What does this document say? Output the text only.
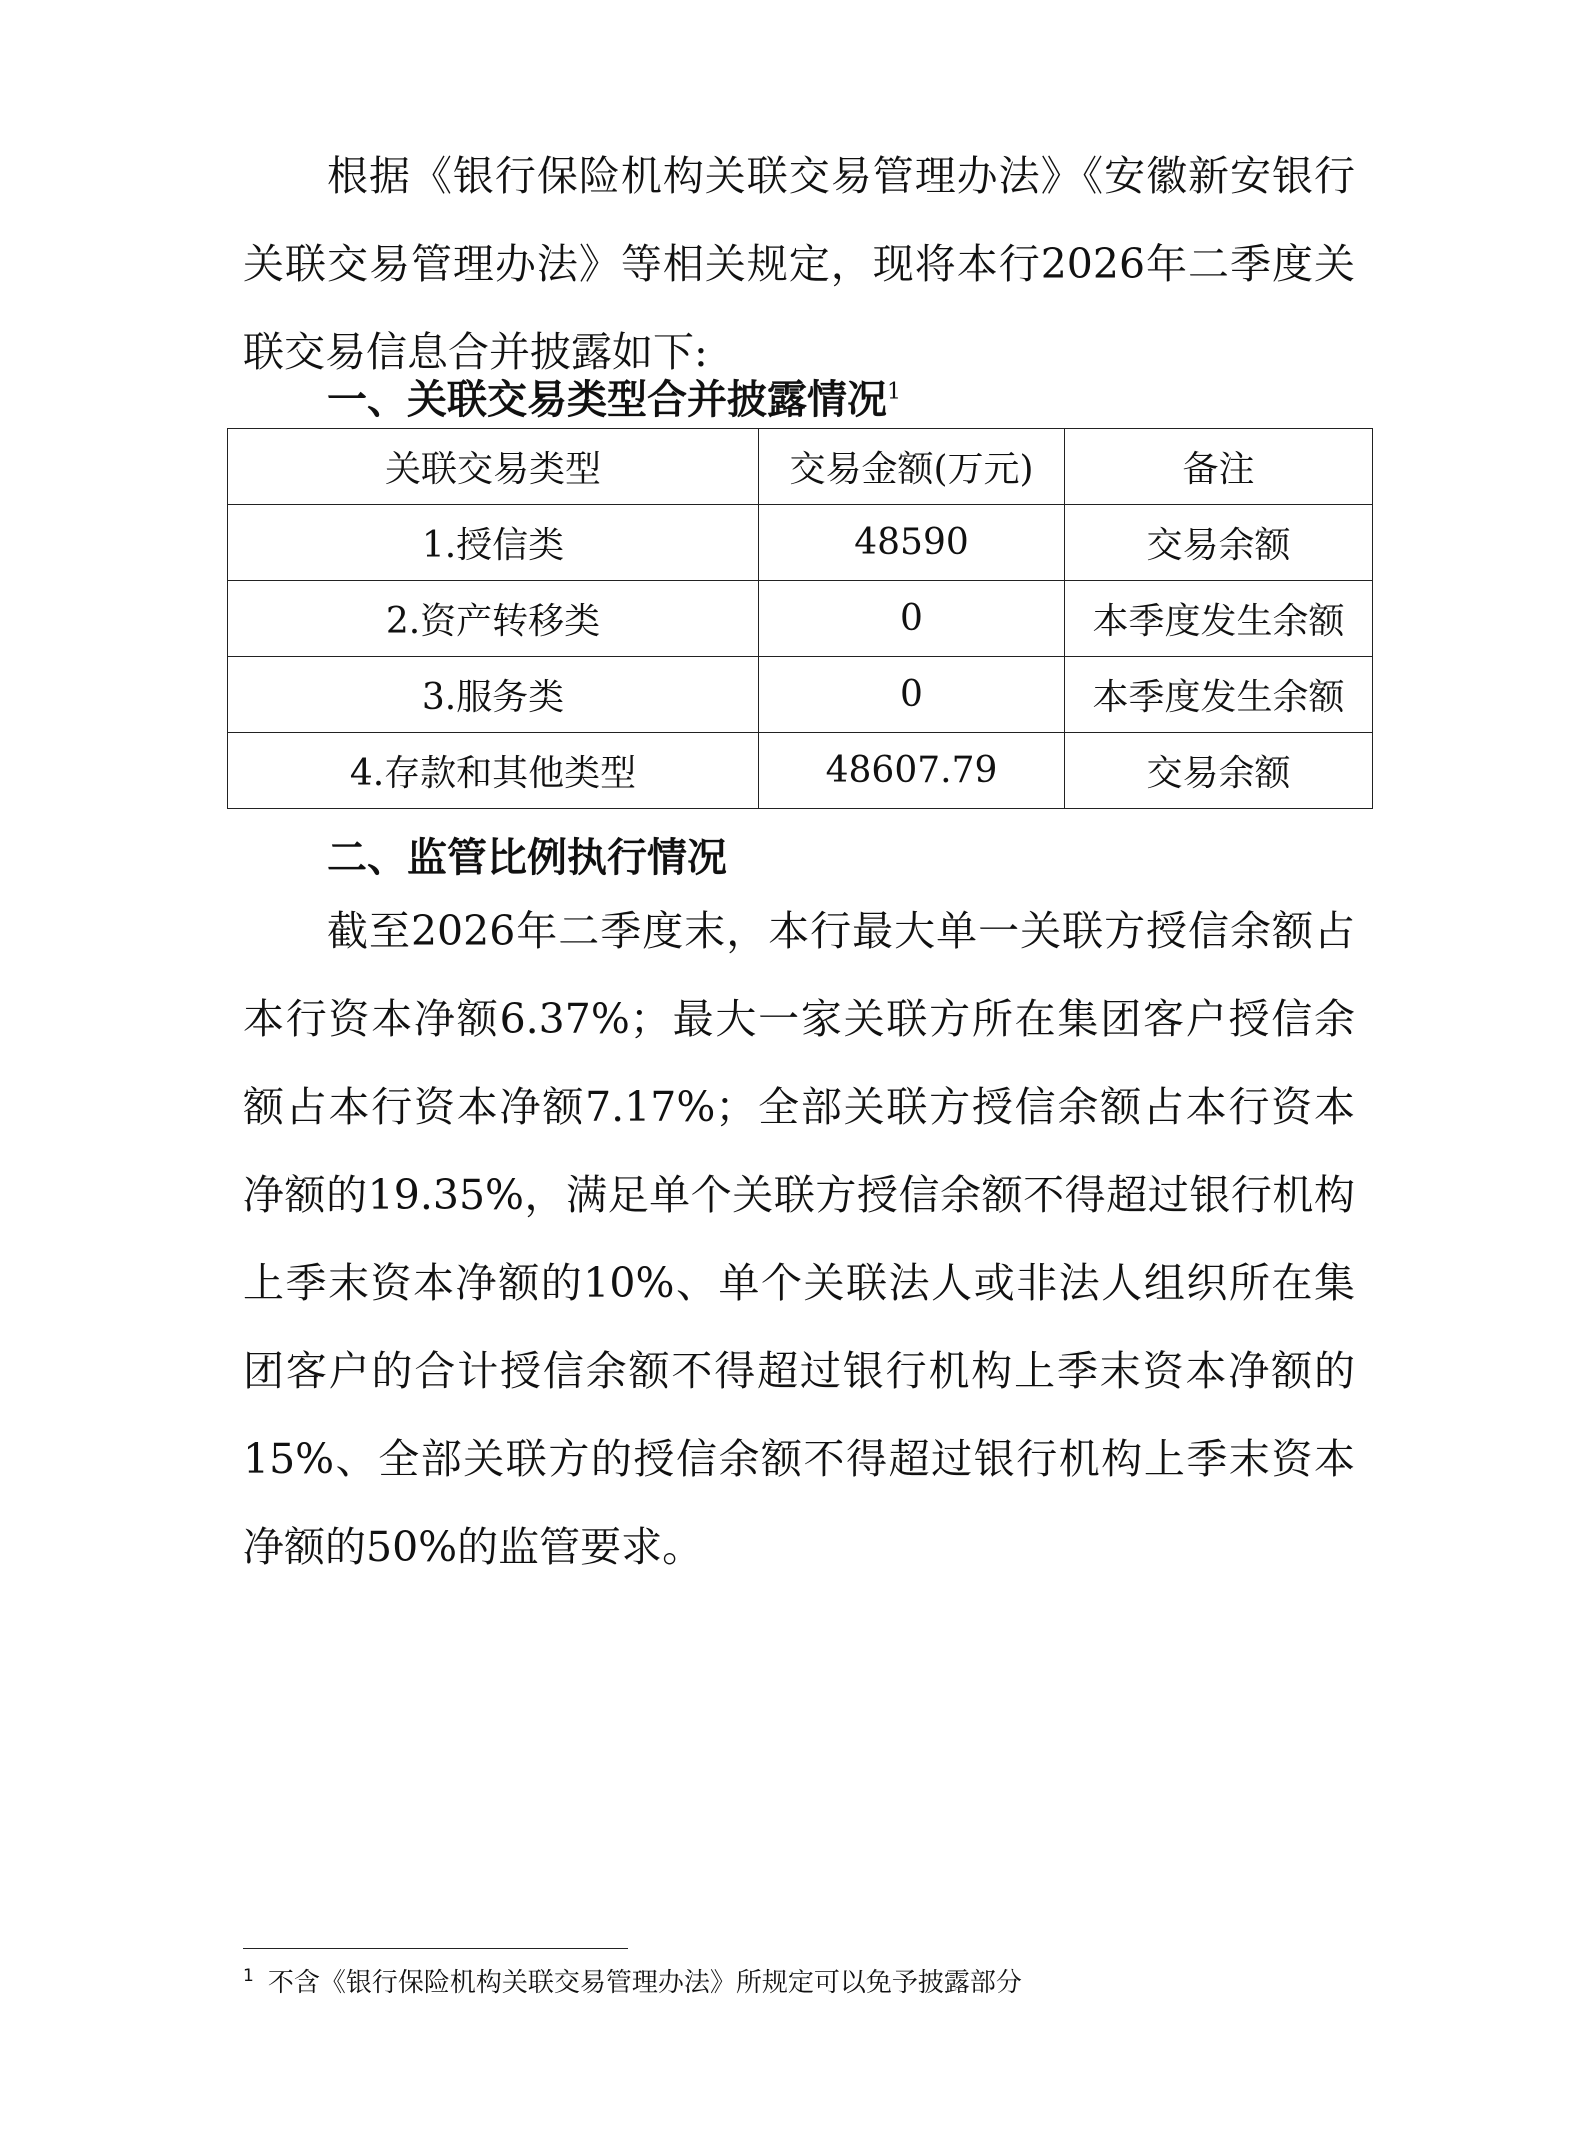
根据《银行保险机构关联交易管理办法》《安徽新安银行关联交易管理办法》等相关规定，现将本行2026年二季度关联交易信息合并披露如下:

一、关联交易类型合并披露情况$^1$
关联交易类型	交易金额(万元)	备注
1.授信类	48590	交易余额
2.资产转移类	0	本季度发生余额
3.服务类	0	本季度发生余额
4.存款和其他类型	48607.79	交易余额
二、监管比例执行情况

截至2026年二季度末，本行最大单一关联方授信余额占本行资本净额6.37%；最大一家关联方所在集团客户授信余额占本行资本净额7.17%；全部关联方授信余额占本行资本净额的19.35%，满足单个关联方授信余额不得超过银行机构上季末资本净额的10%、单个关联法人或非法人组织所在集团客户的合计授信余额不得超过银行机构上季末资本净额的15%、全部关联方的授信余额不得超过银行机构上季末资本净额的50%的监管要求。

$^1$ 不含《银行保险机构关联交易管理办法》所规定可以免予披露部分
